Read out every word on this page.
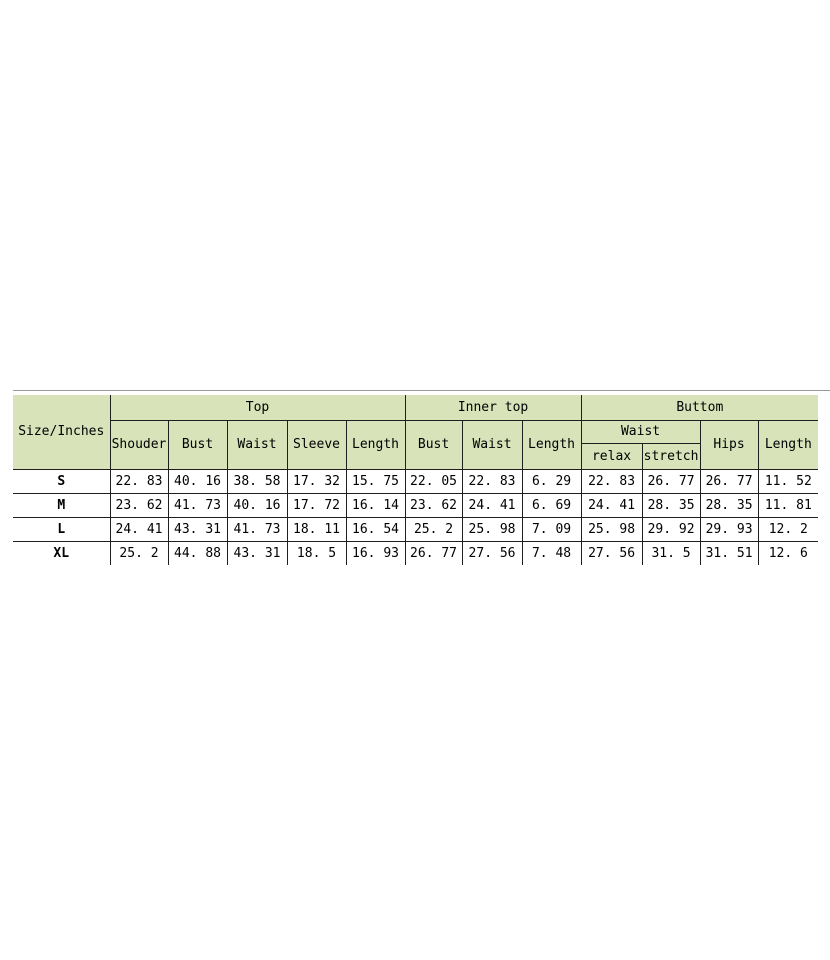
Size/Inches	Top					Inner top			Buttom			
	Shouder	Bust	Waist	Sleeve	Length	Bust	Waist	Length	Waist		Hips	Length
									relax	stretch		
S	22. 83	40. 16	38. 58	17. 32	15. 75	22. 05	22. 83	6. 29	22. 83	26. 77	26. 77	11. 52
M	23. 62	41. 73	40. 16	17. 72	16. 14	23. 62	24. 41	6. 69	24. 41	28. 35	28. 35	11. 81
L	24. 41	43. 31	41. 73	18. 11	16. 54	25. 2	25. 98	7. 09	25. 98	29. 92	29. 93	12. 2
XL	25. 2	44. 88	43. 31	18. 5	16. 93	26. 77	27. 56	7. 48	27. 56	31. 5	31. 51	12. 6
